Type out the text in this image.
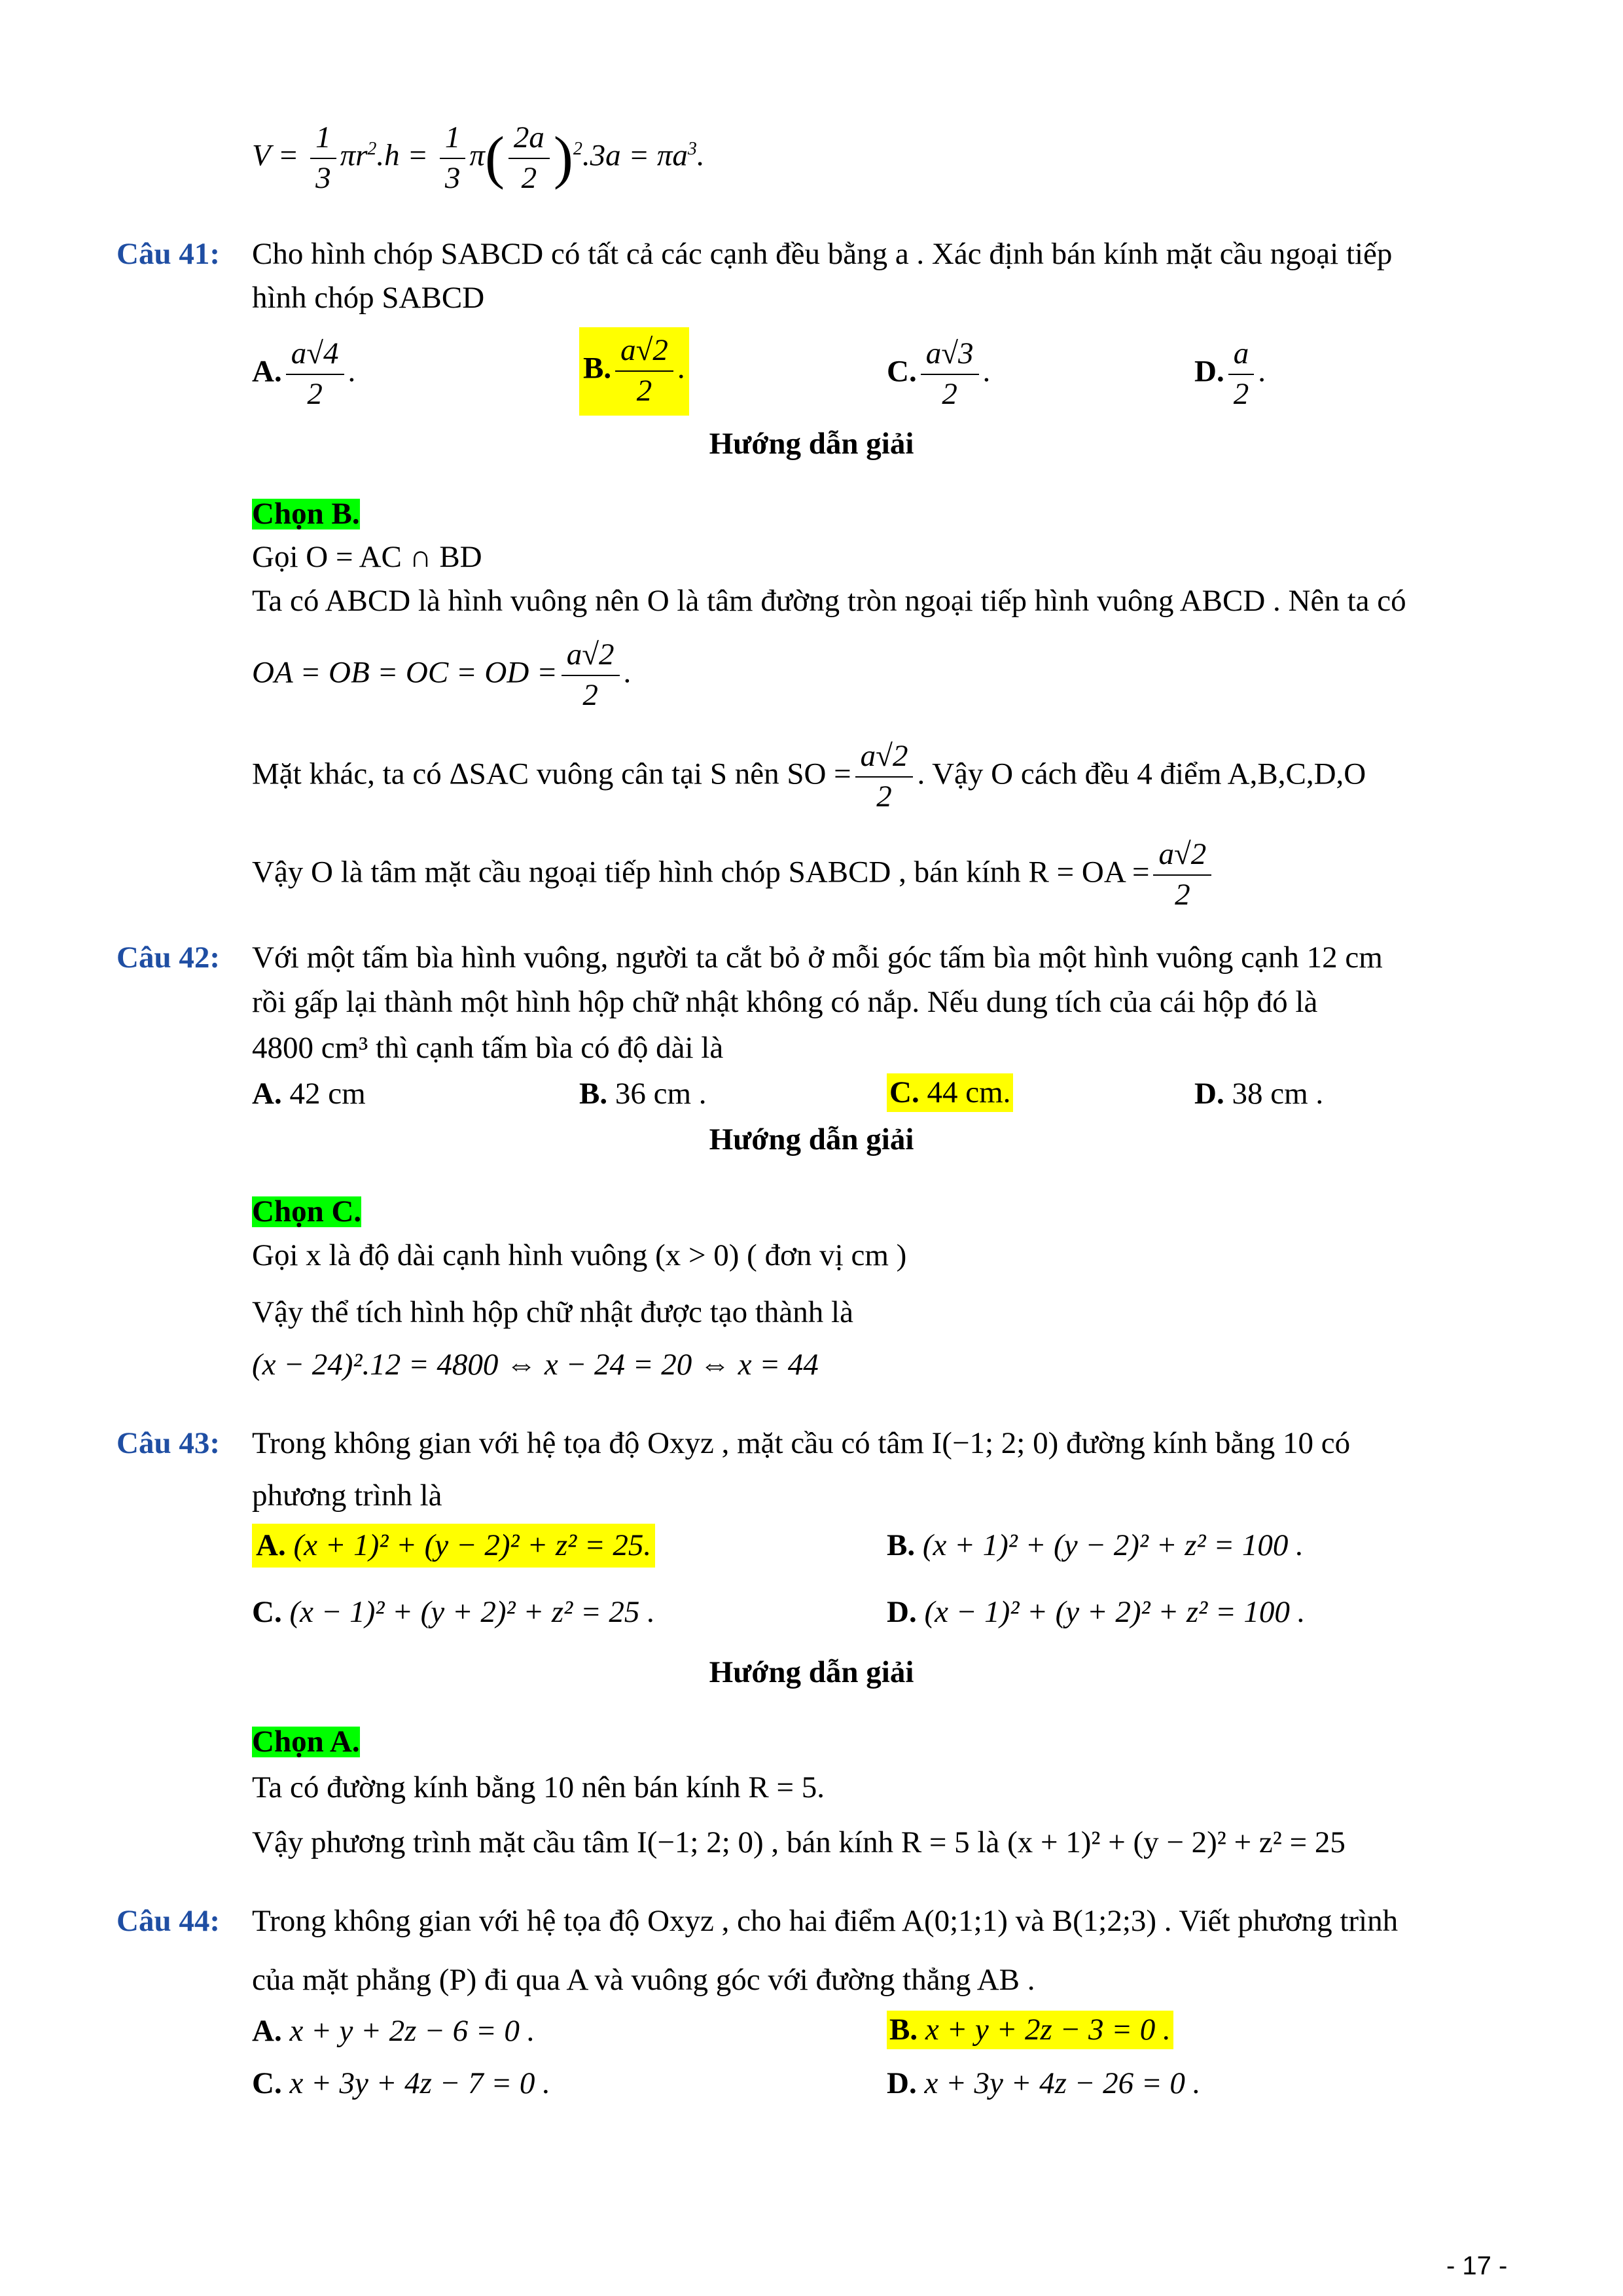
$V = \frac{1}{3} \pi r^2.h = \frac{1}{3} \pi( \frac{2a}{2} )^2.3a = \pi a^3$.
Câu 41: Cho hình chóp SABCD có tất cả các cạnh đều bằng a . Xác định bán kính mặt cầu ngoại tiếp
hình chóp SABCD
A. $\frac{a√4}{2}$ .	B. $\frac{a√2}{2}$ .	C. $\frac{a√3}{2}$ .	D. $\frac{a}{2}$ .
Hướng dẫn giải
Chọn B.
Gọi O = AC ∩ BD
Ta có ABCD là hình vuông nên O là tâm đường tròn ngoại tiếp hình vuông ABCD . Nên ta có
OA = OB = OC = OD = $\frac{a√2}{2}$ .
Mặt khác, ta có ΔSAC vuông cân tại S nên SO = $\frac{a√2}{2}$ . Vậy O cách đều 4 điểm A,B,C,D,O
Vậy O là tâm mặt cầu ngoại tiếp hình chóp SABCD , bán kính R = OA = $\frac{a√2}{2}$
Câu 42: Với một tấm bìa hình vuông, người ta cắt bỏ ở mỗi góc tấm bìa một hình vuông cạnh 12 cm
rồi gấp lại thành một hình hộp chữ nhật không có nắp. Nếu dung tích của cái hộp đó là
4800 cm³ thì cạnh tấm bìa có độ dài là
A. 42 cm	B. 36 cm .	C. 44 cm.	D. 38 cm .
Hướng dẫn giải
Chọn C.
Gọi x là độ dài cạnh hình vuông (x > 0) ( đơn vị cm )
Vậy thể tích hình hộp chữ nhật được tạo thành là
(x − 24)².12 = 4800 ⇔ x − 24 = 20 ⇔ x = 44
Câu 43: Trong không gian với hệ tọa độ Oxyz , mặt cầu có tâm I(−1; 2; 0) đường kính bằng 10 có
phương trình là
A. (x + 1)² + (y − 2)² + z² = 25.	B. (x + 1)² + (y − 2)² + z² = 100 .
C. (x − 1)² + (y + 2)² + z² = 25 .	D. (x − 1)² + (y + 2)² + z² = 100 .
Hướng dẫn giải
Chọn A.
Ta có đường kính bằng 10 nên bán kính R = 5.
Vậy phương trình mặt cầu tâm I(−1; 2; 0) , bán kính R = 5 là (x + 1)² + (y − 2)² + z² = 25
Câu 44: Trong không gian với hệ tọa độ Oxyz , cho hai điểm A(0;1;1) và B(1;2;3) . Viết phương trình
của mặt phẳng (P) đi qua A và vuông góc với đường thẳng AB .
A. x + y + 2z − 6 = 0 .	B. x + y + 2z − 3 = 0 .
C. x + 3y + 4z − 7 = 0 .	D. x + 3y + 4z − 26 = 0 .
- 17 -
